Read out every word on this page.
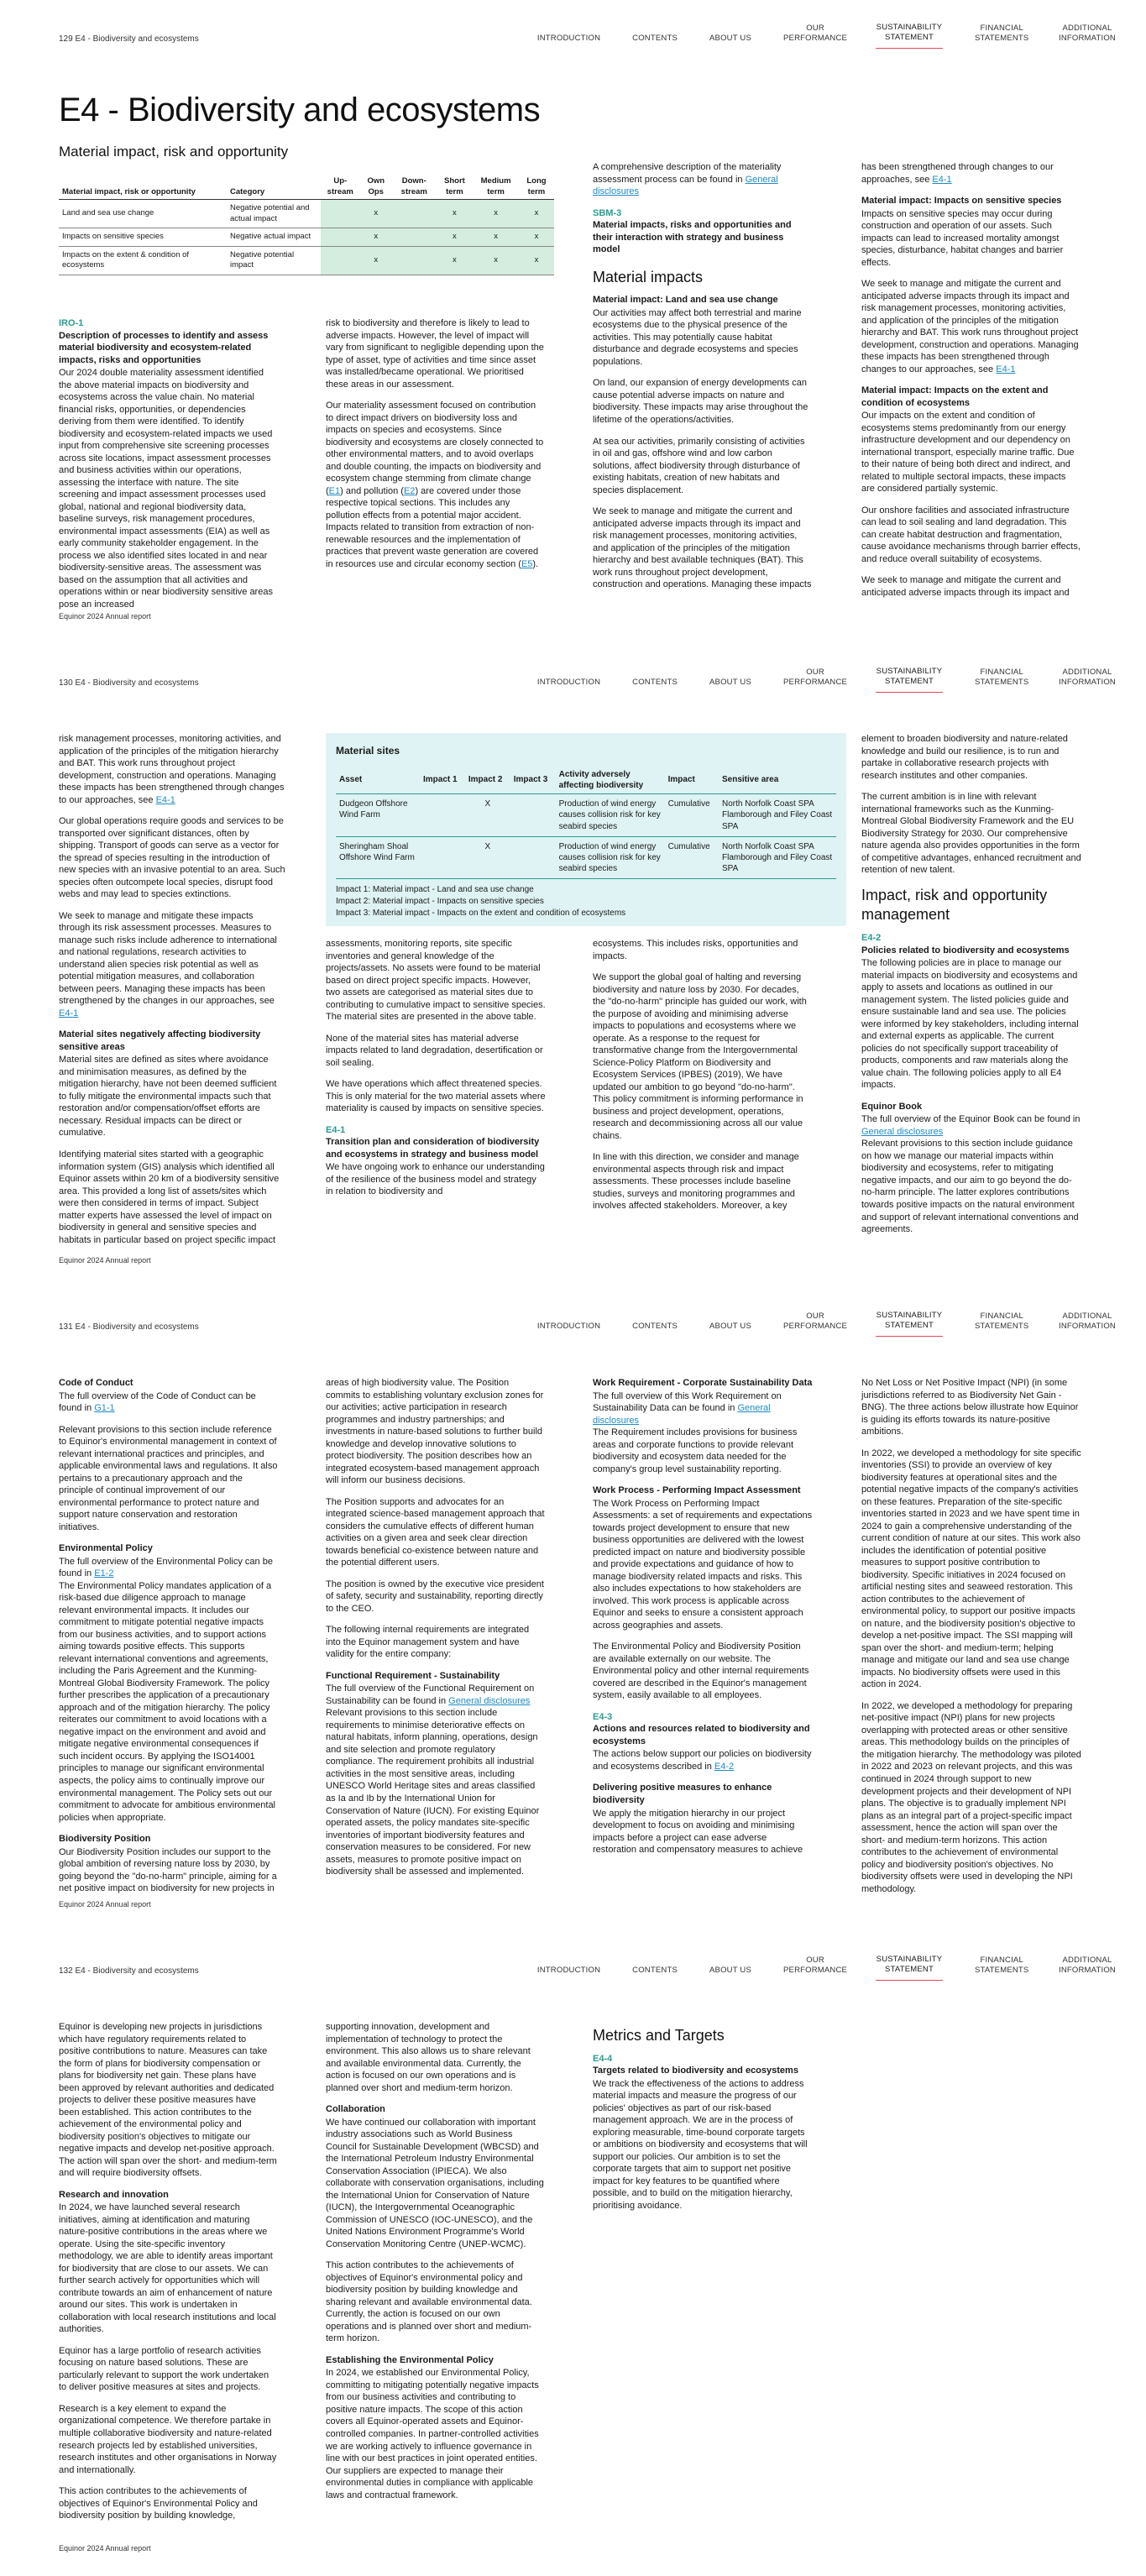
129 E4 - Biodiversity and ecosystems	INTRODUCTION	CONTENTS	ABOUT US
OUR PERFORMANCE
SUSTAINABILITY STATEMENT
FINANCIAL STATEMENTS
ADDITIONAL INFORMATION
E4 - Biodiversity and ecosystems
Material impact, risk and opportunity
Material impact, risk or opportunity	Category	Up-stream	Own Ops	Down-stream	Short term	Medium term	Long term
Land and sea use change	Negative potential and actual impact		x		x	x	x
Impacts on sensitive species	Negative actual impact		x		x	x	x
Impacts on the extent & condition of ecosystems	Negative potential impact		x		x	x	x
IRO-1
Description of processes to identify and assess material biodiversity and ecosystem-related impacts, risks and opportunities

Our 2024 double materiality assessment identified the above material impacts on biodiversity and ecosystems across the value chain. No material financial risks, opportunities, or dependencies deriving from them were identified. To identify biodiversity and ecosystem-related impacts we used input from comprehensive site screening processes across site locations, impact assessment processes and business activities within our operations, assessing the interface with nature. The site screening and impact assessment processes used global, national and regional biodiversity data, baseline surveys, risk management procedures, environmental impact assessments (EIA) as well as early community stakeholder engagement. In the process we also identified sites located in and near biodiversity-sensitive areas. The assessment was based on the assumption that all activities and operations within or near biodiversity sensitive areas pose an increased

risk to biodiversity and therefore is likely to lead to adverse impacts. However, the level of impact will vary from significant to negligible depending upon the type of asset, type of activities and time since asset was installed/became operational. We prioritised these areas in our assessment.

Our materiality assessment focused on contribution to direct impact drivers on biodiversity loss and impacts on species and ecosystems. Since biodiversity and ecosystems are closely connected to other environmental matters, and to avoid overlaps and double counting, the impacts on biodiversity and ecosystem change stemming from climate change (E1) and pollution (E2) are covered under those respective topical sections. This includes any pollution effects from a potential major accident. Impacts related to transition from extraction of non-renewable resources and the implementation of practices that prevent waste generation are covered in resources use and circular economy section (E5).

A comprehensive description of the materiality assessment process can be found in General disclosures

SBM-3
Material impacts, risks and opportunities and their interaction with strategy and business model
Material impacts
Material impact: Land and sea use change

Our activities may affect both terrestrial and marine ecosystems due to the physical presence of the activities. This may potentially cause habitat disturbance and degrade ecosystems and species populations.

On land, our expansion of energy developments can cause potential adverse impacts on nature and biodiversity. These impacts may arise throughout the lifetime of the operations/activities.

At sea our activities, primarily consisting of activities in oil and gas, offshore wind and low carbon solutions, affect biodiversity through disturbance of existing habitats, creation of new habitats and species displacement.

We seek to manage and mitigate the current and anticipated adverse impacts through its impact and risk management processes, monitoring activities, and application of the principles of the mitigation hierarchy and best available techniques (BAT). This work runs throughout project development, construction and operations. Managing these impacts

has been strengthened through changes to our approaches, see E4-1

Material impact: Impacts on sensitive species

Impacts on sensitive species may occur during construction and operation of our assets. Such impacts can lead to increased mortality amongst species, disturbance, habitat changes and barrier effects.

We seek to manage and mitigate the current and anticipated adverse impacts through its impact and risk management processes, monitoring activities, and application of the principles of the mitigation hierarchy and BAT. This work runs throughout project development, construction and operations. Managing these impacts has been strengthened through changes to our approaches, see E4-1

Material impact: Impacts on the extent and condition of ecosystems

Our impacts on the extent and condition of ecosystems stems predominantly from our energy infrastructure development and our dependency on international transport, especially marine traffic. Due to their nature of being both direct and indirect, and related to multiple sectoral impacts, these impacts are considered partially systemic.

Our onshore facilities and associated infrastructure can lead to soil sealing and land degradation. This can create habitat destruction and fragmentation, cause avoidance mechanisms through barrier effects, and reduce overall suitability of ecosystems.

We seek to manage and mitigate the current and anticipated adverse impacts through its impact and

Equinor 2024 Annual report
130 E4 - Biodiversity and ecosystems	INTRODUCTION	CONTENTS	ABOUT US
OUR PERFORMANCE
SUSTAINABILITY STATEMENT
FINANCIAL STATEMENTS
ADDITIONAL INFORMATION

risk management processes, monitoring activities, and application of the principles of the mitigation hierarchy and BAT. This work runs throughout project development, construction and operations. Managing these impacts has been strengthened through changes to our approaches, see E4-1

Our global operations require goods and services to be transported over significant distances, often by shipping. Transport of goods can serve as a vector for the spread of species resulting in the introduction of new species with an invasive potential to an area. Such species often outcompete local species, disrupt food webs and may lead to species extinctions.

We seek to manage and mitigate these impacts through its risk assessment processes. Measures to manage such risks include adherence to international and national regulations, research activities to understand alien species risk potential as well as potential mitigation measures, and collaboration between peers. Managing these impacts has been strengthened by the changes in our approaches, see E4-1

Material sites negatively affecting biodiversity sensitive areas

Material sites are defined as sites where avoidance and minimisation measures, as defined by the mitigation hierarchy, have not been deemed sufficient to fully mitigate the environmental impacts such that restoration and/or compensation/offset efforts are necessary. Residual impacts can be direct or cumulative.

Identifying material sites started with a geographic information system (GIS) analysis which identified all Equinor assets within 20 km of a biodiversity sensitive area. This provided a long list of assets/sites which were then considered in terms of impact. Subject matter experts have assessed the level of impact on biodiversity in general and sensitive species and habitats in particular based on project specific impact

Material sites
Asset	Impact 1	Impact 2	Impact 3	Activity adversely affecting biodiversity	Impact	Sensitive area
Dudgeon Offshore Wind Farm		X		Production of wind energy causes collision risk for key seabird species	Cumulative	North Norfolk Coast SPA Flamborough and Filey Coast SPA
Sheringham Shoal Offshore Wind Farm		X		Production of wind energy causes collision risk for key seabird species	Cumulative	North Norfolk Coast SPA Flamborough and Filey Coast SPA
Impact 1: Material impact - Land and sea use change
Impact 2: Material impact - Impacts on sensitive species
Impact 3: Material impact - Impacts on the extent and condition of ecosystems

assessments, monitoring reports, site specific inventories and general knowledge of the projects/assets. No assets were found to be material based on direct project specific impacts. However, two assets are categorised as material sites due to contributing to cumulative impact to sensitive species. The material sites are presented in the above table.

None of the material sites has material adverse impacts related to land degradation, desertification or soil sealing.

We have operations which affect threatened species. This is only material for the two material assets where materiality is caused by impacts on sensitive species.

E4-1
Transition plan and consideration of biodiversity and ecosystems in strategy and business model

We have ongoing work to enhance our understanding of the resilience of the business model and strategy in relation to biodiversity and

ecosystems. This includes risks, opportunities and impacts.

We support the global goal of halting and reversing biodiversity and nature loss by 2030. For decades, the "do-no-harm" principle has guided our work, with the purpose of avoiding and minimising adverse impacts to populations and ecosystems where we operate. As a response to the request for transformative change from the Intergovernmental Science-Policy Platform on Biodiversity and Ecosystem Services (IPBES) (2019), We have updated our ambition to go beyond "do-no-harm". This policy commitment is informing performance in business and project development, operations, research and decommissioning across all our value chains.

In line with this direction, we consider and manage environmental aspects through risk and impact assessments. These processes include baseline studies, surveys and monitoring programmes and involves affected stakeholders. Moreover, a key

element to broaden biodiversity and nature-related knowledge and build our resilience, is to run and partake in collaborative research projects with research institutes and other companies.

The current ambition is in line with relevant international frameworks such as the Kunming-Montreal Global Biodiversity Framework and the EU Biodiversity Strategy for 2030. Our comprehensive nature agenda also provides opportunities in the form of competitive advantages, enhanced recruitment and retention of new talent.

Impact, risk and opportunity management
E4-2
Policies related to biodiversity and ecosystems

The following policies are in place to manage our material impacts on biodiversity and ecosystems and apply to assets and locations as outlined in our management system. The listed policies guide and ensure sustainable land and sea use. The policies were informed by key stakeholders, including internal and external experts as applicable. The current policies do not specifically support traceability of products, components and raw materials along the value chain. The following policies apply to all E4 impacts.

Equinor Book

The full overview of the Equinor Book can be found in General disclosures

Relevant provisions to this section include guidance on how we manage our material impacts within biodiversity and ecosystems, refer to mitigating negative impacts, and our aim to go beyond the do-no-harm principle. The latter explores contributions towards positive impacts on the natural environment and support of relevant international conventions and agreements.

Equinor 2024 Annual report
131 E4 - Biodiversity and ecosystems	INTRODUCTION	CONTENTS	ABOUT US
OUR PERFORMANCE
SUSTAINABILITY STATEMENT
FINANCIAL STATEMENTS
ADDITIONAL INFORMATION
Code of Conduct

The full overview of the Code of Conduct can be found in G1-1

Relevant provisions to this section include reference to Equinor's environmental management in context of relevant international practices and principles, and applicable environmental laws and regulations. It also pertains to a precautionary approach and the principle of continual improvement of our environmental performance to protect nature and support nature conservation and restoration initiatives.

Environmental Policy

The full overview of the Environmental Policy can be found in E1-2

The Environmental Policy mandates application of a risk-based due diligence approach to manage relevant environmental impacts. It includes our commitment to mitigate potential negative impacts from our business activities, and to support actions aiming towards positive effects. This supports relevant international conventions and agreements, including the Paris Agreement and the Kunming-Montreal Global Biodiversity Framework. The policy further prescribes the application of a precautionary approach and of the mitigation hierarchy. The policy reiterates our commitment to avoid locations with a negative impact on the environment and avoid and mitigate negative environmental consequences if such incident occurs. By applying the ISO14001 principles to manage our significant environmental aspects, the policy aims to continually improve our environmental management. The Policy sets out our commitment to advocate for ambitious environmental policies when appropriate.

Biodiversity Position

Our Biodiversity Position includes our support to the global ambition of reversing nature loss by 2030, by going beyond the "do-no-harm" principle, aiming for a net positive impact on biodiversity for new projects in

areas of high biodiversity value. The Position commits to establishing voluntary exclusion zones for our activities; active participation in research programmes and industry partnerships; and investments in nature-based solutions to further build knowledge and develop innovative solutions to protect biodiversity. The position describes how an integrated ecosystem-based management approach will inform our business decisions.

The Position supports and advocates for an integrated science-based management approach that considers the cumulative effects of different human activities on a given area and seek clear direction towards beneficial co-existence between nature and the potential different users.

The position is owned by the executive vice president of safety, security and sustainability, reporting directly to the CEO.

The following internal requirements are integrated into the Equinor management system and have validity for the entire company:

Functional Requirement - Sustainability

The full overview of the Functional Requirement on Sustainability can be found in General disclosures

Relevant provisions to this section include requirements to minimise deteriorative effects on natural habitats, inform planning, operations, design and site selection and promote regulatory compliance. The requirement prohibits all industrial activities in the most sensitive areas, including UNESCO World Heritage sites and areas classified as Ia and Ib by the International Union for Conservation of Nature (IUCN). For existing Equinor operated assets, the policy mandates site-specific inventories of important biodiversity features and conservation measures to be considered. For new assets, measures to promote positive impact on biodiversity shall be assessed and implemented.

Work Requirement - Corporate Sustainability Data

The full overview of this Work Requirement on Sustainability Data can be found in General disclosures

The Requirement includes provisions for business areas and corporate functions to provide relevant biodiversity and ecosystem data needed for the company's group level sustainability reporting.

Work Process - Performing Impact Assessment

The Work Process on Performing Impact Assessments: a set of requirements and expectations towards project development to ensure that new business opportunities are delivered with the lowest predicted impact on nature and biodiversity possible and provide expectations and guidance of how to manage biodiversity related impacts and risks. This also includes expectations to how stakeholders are involved. This work process is applicable across Equinor and seeks to ensure a consistent approach across geographies and assets.

The Environmental Policy and Biodiversity Position are available externally on our website. The Environmental policy and other internal requirements covered are described in the Equinor's management system, easily available to all employees.

E4-3
Actions and resources related to biodiversity and ecosystems

The actions below support our policies on biodiversity and ecosystems described in E4-2

Delivering positive measures to enhance biodiversity

We apply the mitigation hierarchy in our project development to focus on avoiding and minimising impacts before a project can ease adverse restoration and compensatory measures to achieve

No Net Loss or Net Positive Impact (NPI) (in some jurisdictions referred to as Biodiversity Net Gain - BNG). The three actions below illustrate how Equinor is guiding its efforts towards its nature-positive ambitions.

In 2022, we developed a methodology for site specific inventories (SSI) to provide an overview of key biodiversity features at operational sites and the potential negative impacts of the company's activities on these features. Preparation of the site-specific inventories started in 2023 and we have spent time in 2024 to gain a comprehensive understanding of the current condition of nature at our sites. This work also includes the identification of potential positive measures to support positive contribution to biodiversity. Specific initiatives in 2024 focused on artificial nesting sites and seaweed restoration. This action contributes to the achievement of environmental policy, to support our positive impacts on nature, and the biodiversity position's objective to develop a net-positive impact. The SSI mapping will span over the short- and medium-term; helping manage and mitigate our land and sea use change impacts. No biodiversity offsets were used in this action in 2024.

In 2022, we developed a methodology for preparing net-positive impact (NPI) plans for new projects overlapping with protected areas or other sensitive areas. This methodology builds on the principles of the mitigation hierarchy. The methodology was piloted in 2022 and 2023 on relevant projects, and this was continued in 2024 through support to new development projects and their development of NPI plans. The objective is to gradually implement NPI plans as an integral part of a project-specific impact assessment, hence the action will span over the short- and medium-term horizons. This action contributes to the achievement of environmental policy and biodiversity position's objectives. No biodiversity offsets were used in developing the NPI methodology.

Equinor 2024 Annual report
132 E4 - Biodiversity and ecosystems	INTRODUCTION	CONTENTS	ABOUT US
OUR PERFORMANCE
SUSTAINABILITY STATEMENT
FINANCIAL STATEMENTS
ADDITIONAL INFORMATION

Equinor is developing new projects in jurisdictions which have regulatory requirements related to positive contributions to nature. Measures can take the form of plans for biodiversity compensation or plans for biodiversity net gain. These plans have been approved by relevant authorities and dedicated projects to deliver these positive measures have been established. This action contributes to the achievement of the environmental policy and biodiversity position's objectives to mitigate our negative impacts and develop net-positive approach. The action will span over the short- and medium-term and will require biodiversity offsets.

Research and innovation

In 2024, we have launched several research initiatives, aiming at identification and maturing nature-positive contributions in the areas where we operate. Using the site-specific inventory methodology, we are able to identify areas important for biodiversity that are close to our assets. We can further search actively for opportunities which will contribute towards an aim of enhancement of nature around our sites. This work is undertaken in collaboration with local research institutions and local authorities.

Equinor has a large portfolio of research activities focusing on nature based solutions. These are particularly relevant to support the work undertaken to deliver positive measures at sites and projects.

Research is a key element to expand the organizational competence. We therefore partake in multiple collaborative biodiversity and nature-related research projects led by established universities, research institutes and other organisations in Norway and internationally.

This action contributes to the achievements of objectives of Equinor's Environmental Policy and biodiversity position by building knowledge,

supporting innovation, development and implementation of technology to protect the environment. This also allows us to share relevant and available environmental data. Currently, the action is focused on our own operations and is planned over short and medium-term horizon.

Collaboration

We have continued our collaboration with important industry associations such as World Business Council for Sustainable Development (WBCSD) and the International Petroleum Industry Environmental Conservation Association (IPIECA). We also collaborate with conservation organisations, including the International Union for Conservation of Nature (IUCN), the Intergovernmental Oceanographic Commission of UNESCO (IOC-UNESCO), and the United Nations Environment Programme's World Conservation Monitoring Centre (UNEP-WCMC).

This action contributes to the achievements of objectives of Equinor's environmental policy and biodiversity position by building knowledge and sharing relevant and available environmental data. Currently, the action is focused on our own operations and is planned over short and medium-term horizon.

Establishing the Environmental Policy

In 2024, we established our Environmental Policy, committing to mitigating potentially negative impacts from our business activities and contributing to positive nature impacts. The scope of this action covers all Equinor-operated assets and Equinor-controlled companies. In partner-controlled activities we are working actively to influence governance in line with our best practices in joint operated entities. Our suppliers are expected to manage their environmental duties in compliance with applicable laws and contractual framework.

Metrics and Targets
E4-4
Targets related to biodiversity and ecosystems

We track the effectiveness of the actions to address material impacts and measure the progress of our policies' objectives as part of our risk-based management approach. We are in the process of exploring measurable, time-bound corporate targets or ambitions on biodiversity and ecosystems that will support our policies. Our ambition is to set the corporate targets that aim to support net positive impact for key features to be quantified where possible, and to build on the mitigation hierarchy, prioritising avoidance.

Equinor 2024 Annual report
